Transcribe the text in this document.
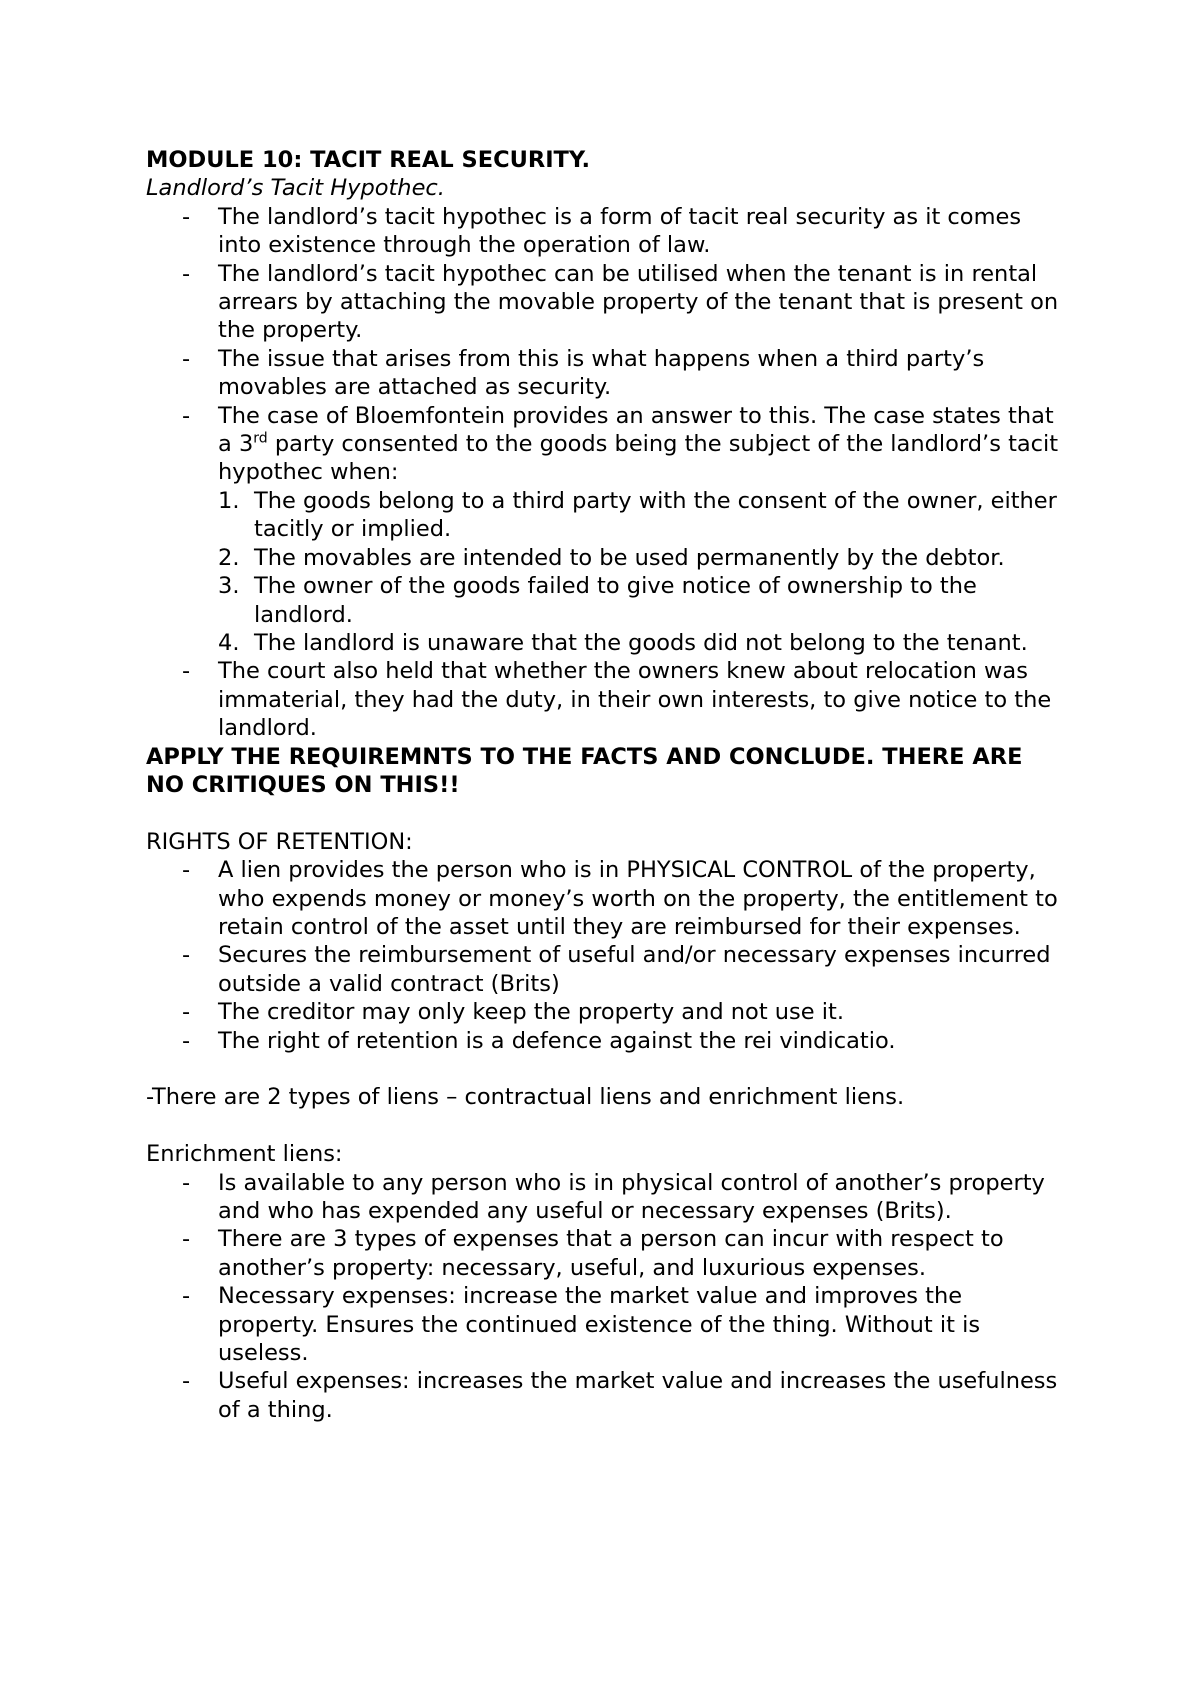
MODULE 10: TACIT REAL SECURITY.

Landlord’s Tacit Hypothec.

-	The landlord’s tacit hypothec is a form of tacit real security as it comes into existence through the operation of law.
-	The landlord’s tacit hypothec can be utilised when the tenant is in rental arrears by attaching the movable property of the tenant that is present on the property.
-	The issue that arises from this is what happens when a third party’s movables are attached as security.
-	The case of Bloemfontein provides an answer to this. The case states that a 3rd party consented to the goods being the subject of the landlord’s tacit hypothec when:
1. The goods belong to a third party with the consent of the owner, either tacitly or implied.
2. The movables are intended to be used permanently by the debtor.
3. The owner of the goods failed to give notice of ownership to the landlord.
4. The landlord is unaware that the goods did not belong to the tenant.
-	The court also held that whether the owners knew about relocation was immaterial, they had the duty, in their own interests, to give notice to the landlord.

APPLY THE REQUIREMNTS TO THE FACTS AND CONCLUDE. THERE ARE NO CRITIQUES ON THIS!!

RIGHTS OF RETENTION:

-	A lien provides the person who is in PHYSICAL CONTROL of the property, who expends money or money’s worth on the property, the entitlement to retain control of the asset until they are reimbursed for their expenses.
-	Secures the reimbursement of useful and/or necessary expenses incurred outside a valid contract (Brits)
-	The creditor may only keep the property and not use it.
-	The right of retention is a defence against the rei vindicatio.

-There are 2 types of liens – contractual liens and enrichment liens.

Enrichment liens:

-	Is available to any person who is in physical control of another’s property and who has expended any useful or necessary expenses (Brits).
-	There are 3 types of expenses that a person can incur with respect to another’s property: necessary, useful, and luxurious expenses.
-	Necessary expenses: increase the market value and improves the property. Ensures the continued existence of the thing. Without it is useless.
-	Useful expenses: increases the market value and increases the usefulness of a thing.
